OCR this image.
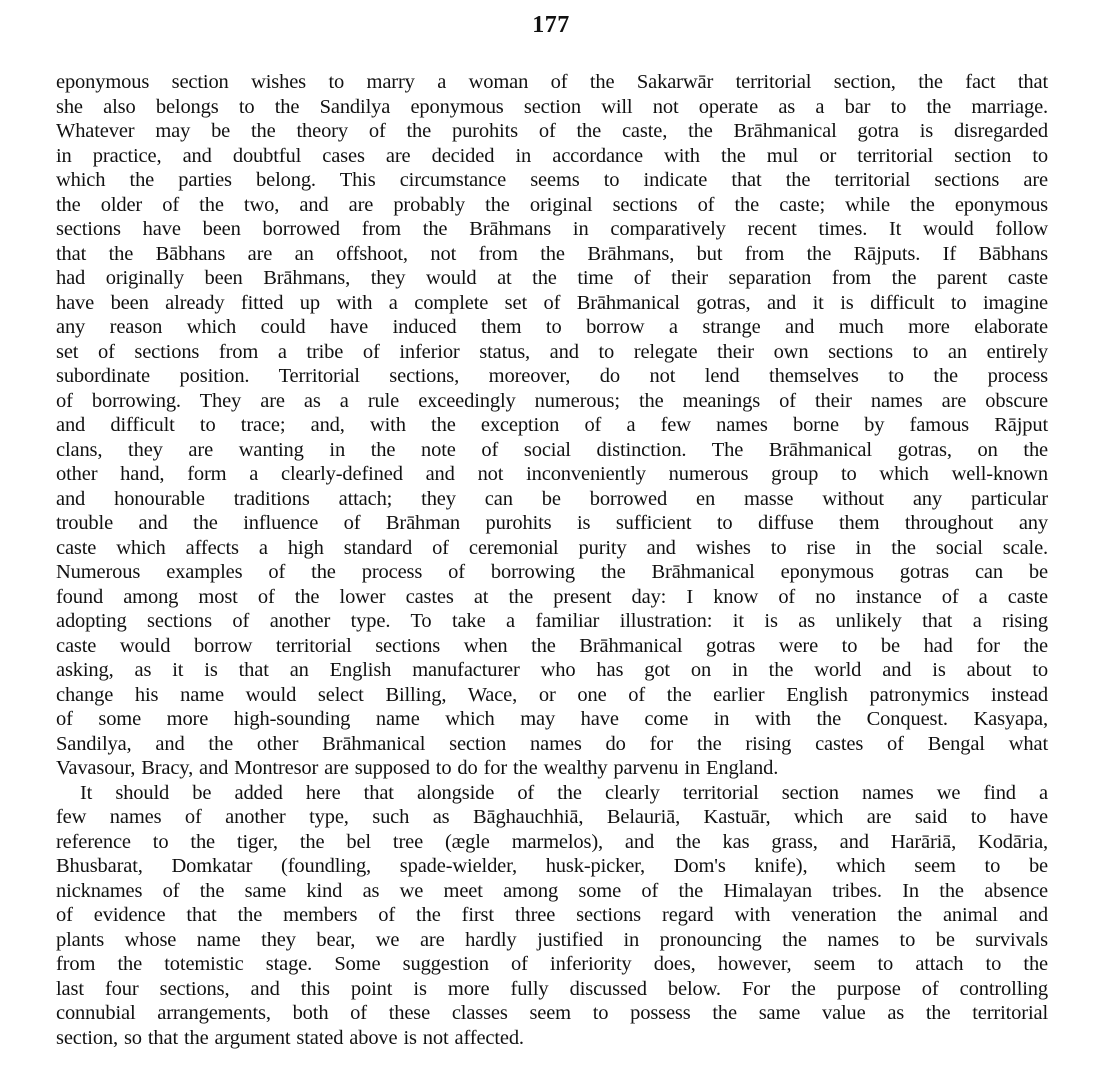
177
eponymous section wishes to marry a woman of the Sakarwār territorial section, the fact that
she also belongs to the Sandilya eponymous section will not operate as a bar to the marriage.
Whatever may be the theory of the purohits of the caste, the Brāhmanical gotra is disregarded
in practice, and doubtful cases are decided in accordance with the mul or territorial section to
which the parties belong. This circumstance seems to indicate that the territorial sections are
the older of the two, and are probably the original sections of the caste; while the eponymous
sections have been borrowed from the Brāhmans in comparatively recent times. It would follow
that the Bābhans are an offshoot, not from the Brāhmans, but from the Rājputs. If Bābhans
had originally been Brāhmans, they would at the time of their separation from the parent caste
have been already fitted up with a complete set of Brāhmanical gotras, and it is difficult to imagine
any reason which could have induced them to borrow a strange and much more elaborate
set of sections from a tribe of inferior status, and to relegate their own sections to an entirely
subordinate position. Territorial sections, moreover, do not lend themselves to the process
of borrowing. They are as a rule exceedingly numerous; the meanings of their names are obscure
and difficult to trace; and, with the exception of a few names borne by famous Rājput
clans, they are wanting in the note of social distinction. The Brāhmanical gotras, on the
other hand, form a clearly-defined and not inconveniently numerous group to which well-known
and honourable traditions attach; they can be borrowed en masse without any particular
trouble and the influence of Brāhman purohits is sufficient to diffuse them throughout any
caste which affects a high standard of ceremonial purity and wishes to rise in the social scale.
Numerous examples of the process of borrowing the Brāhmanical eponymous gotras can be
found among most of the lower castes at the present day: I know of no instance of a caste
adopting sections of another type. To take a familiar illustration: it is as unlikely that a rising
caste would borrow territorial sections when the Brāhmanical gotras were to be had for the
asking, as it is that an English manufacturer who has got on in the world and is about to
change his name would select Billing, Wace, or one of the earlier English patronymics instead
of some more high-sounding name which may have come in with the Conquest. Kasyapa,
Sandilya, and the other Brāhmanical section names do for the rising castes of Bengal what
Vavasour, Bracy, and Montresor are supposed to do for the wealthy parvenu in England.
It should be added here that alongside of the clearly territorial section names we find a
few names of another type, such as Bāghauchhiā, Belauriā, Kastuār, which are said to have
reference to the tiger, the bel tree (ægle marmelos), and the kas grass, and Harāriā, Kodāria,
Bhusbarat, Domkatar (foundling, spade-wielder, husk-picker, Dom's knife), which seem to be
nicknames of the same kind as we meet among some of the Himalayan tribes. In the absence
of evidence that the members of the first three sections regard with veneration the animal and
plants whose name they bear, we are hardly justified in pronouncing the names to be survivals
from the totemistic stage. Some suggestion of inferiority does, however, seem to attach to the
last four sections, and this point is more fully discussed below. For the purpose of controlling
connubial arrangements, both of these classes seem to possess the same value as the territorial
section, so that the argument stated above is not affected.
